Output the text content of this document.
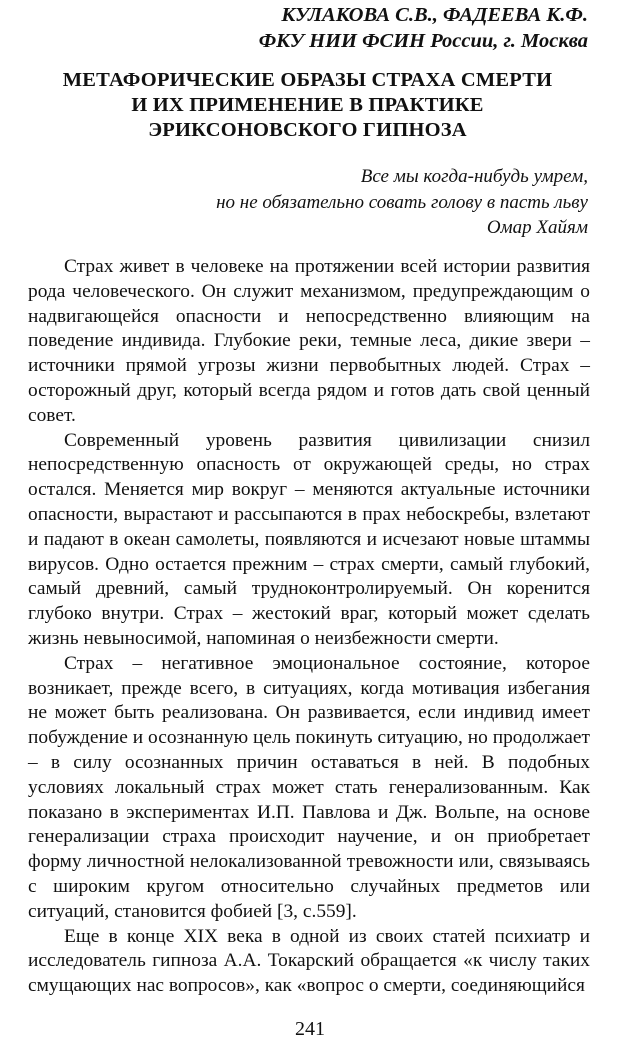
КУЛАКОВА С.В., ФАДЕЕВА К.Ф.
ФКУ НИИ ФСИН России, г. Москва
МЕТАФОРИЧЕСКИЕ ОБРАЗЫ СТРАХА СМЕРТИ
И ИХ ПРИМЕНЕНИЕ В ПРАКТИКЕ
ЭРИКСОНОВСКОГО ГИПНОЗА
Все мы когда-нибудь умрем,
но не обязательно совать голову в пасть льву
Омар Хайям

Страх живет в человеке на протяжении всей истории развития рода человеческого. Он служит механизмом, предупреждающим о надвигающейся опасности и непосредственно влияющим на поведение индивида. Глубокие реки, темные леса, дикие звери – источники прямой угрозы жизни первобытных людей. Страх – осторожный друг, который всегда рядом и готов дать свой ценный совет.

Современный уровень развития цивилизации снизил непосредственную опасность от окружающей среды, но страх остался. Меняется мир вокруг – меняются актуальные источники опасности, вырастают и рассыпаются в прах небоскребы, взлетают и падают в океан самолеты, появляются и исчезают новые штаммы вирусов. Одно остается прежним – страх смерти, самый глубокий, самый древний, самый трудноконтролируемый. Он коренится глубоко внутри. Страх – жестокий враг, который может сделать жизнь невыносимой, напоминая о неизбежности смерти.

Страх – негативное эмоциональное состояние, которое возникает, прежде всего, в ситуациях, когда мотивация избегания не может быть реализована. Он развивается, если индивид имеет побуждение и осознанную цель покинуть ситуацию, но продолжает – в силу осознанных причин оставаться в ней. В подобных условиях локальный страх может стать генерализованным. Как показано в экспериментах И.П. Павлова и Дж. Вольпе, на основе генерализации страха происходит научение, и он приобретает форму личностной нелокализованной тревожности или, связываясь с широким кругом относительно случайных предметов или ситуаций, становится фобией [3, с.559].

Еще в конце XIX века в одной из своих статей психиатр и исследователь гипноза А.А. Токарский обращается «к числу таких смущающих нас вопросов», как «вопрос о смерти, соединяющийся

241
